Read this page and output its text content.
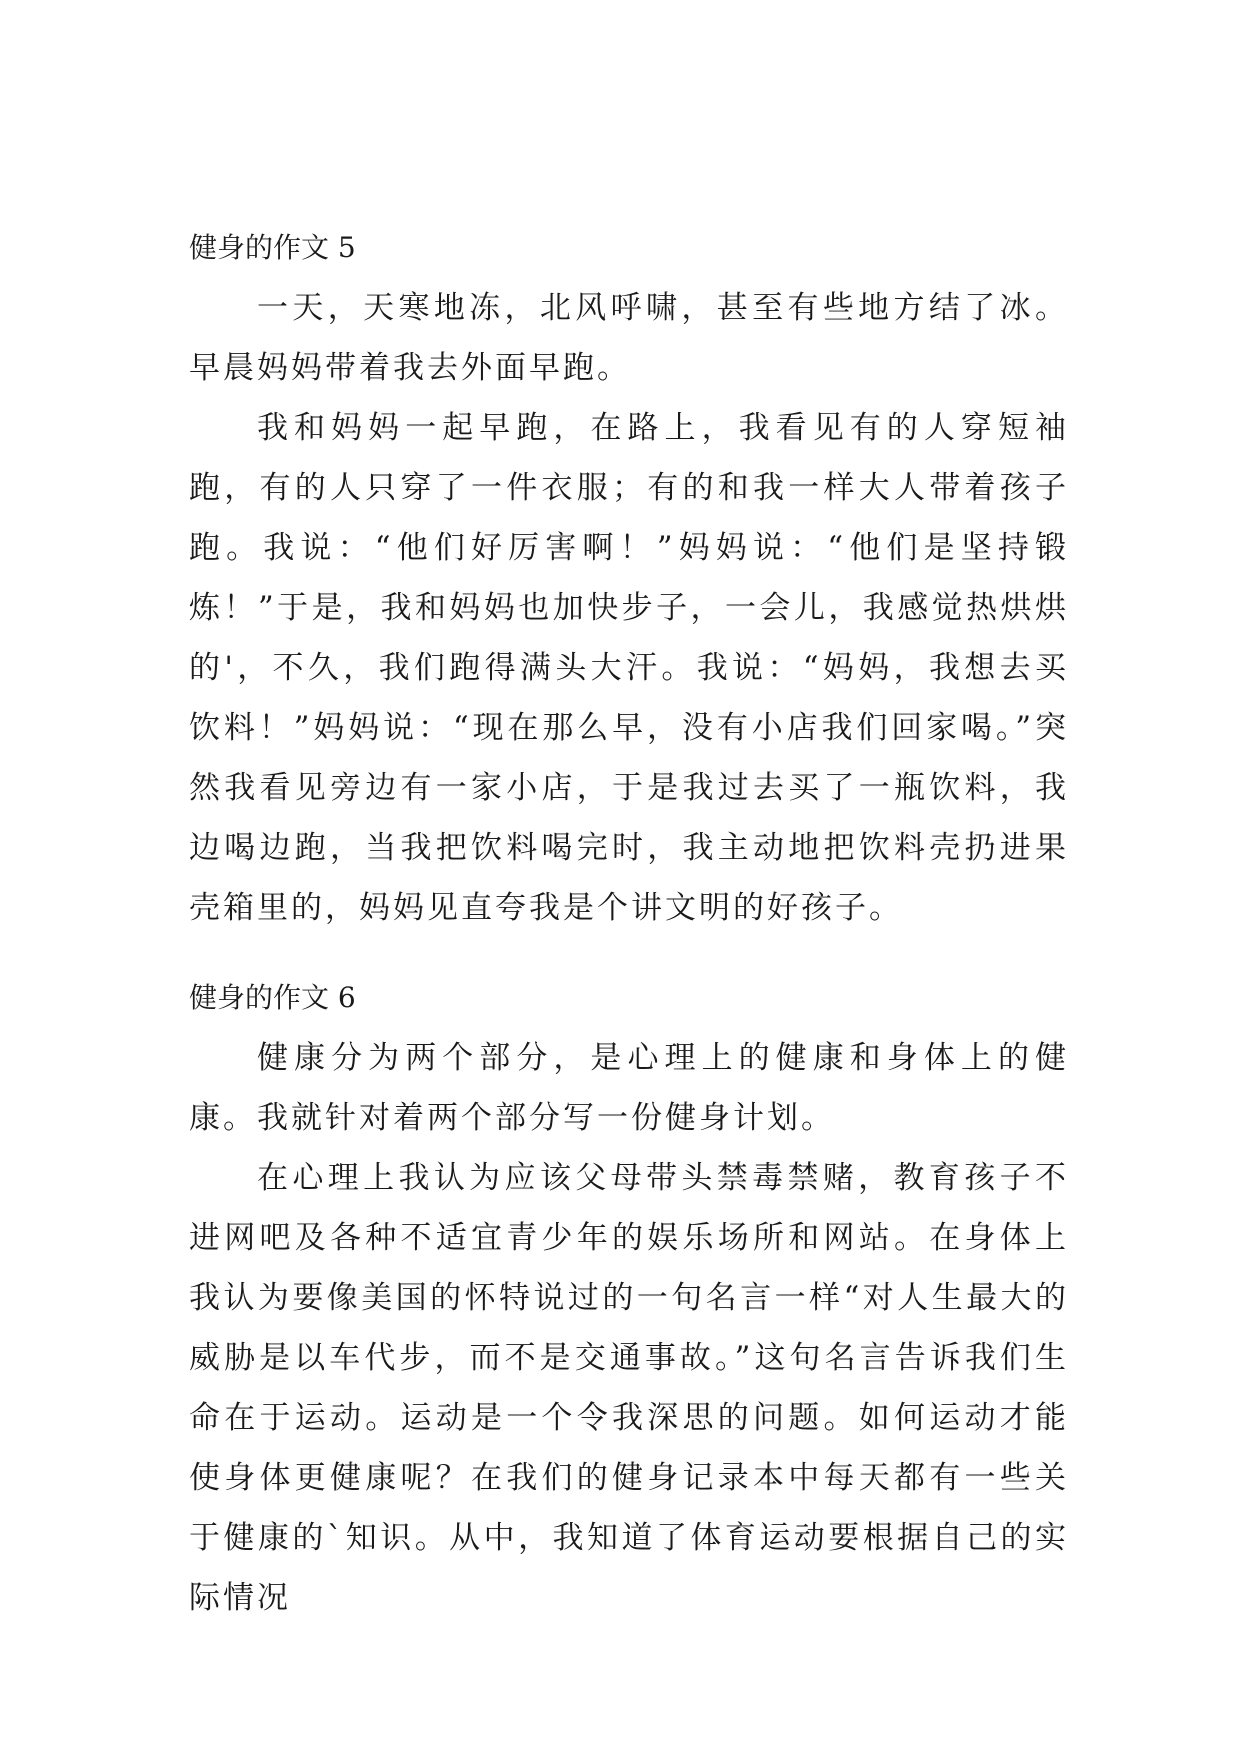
健身的作文 5

一天，天寒地冻，北风呼啸，甚至有些地方结了冰。早晨妈妈带着我去外面早跑。

我和妈妈一起早跑，在路上，我看见有的人穿短袖跑，有的人只穿了一件衣服；有的和我一样大人带着孩子跑。我说：“他们好厉害啊！”妈妈说：“他们是坚持锻炼！”于是，我和妈妈也加快步子，一会儿，我感觉热烘烘的'，不久，我们跑得满头大汗。我说：“妈妈，我想去买饮料！”妈妈说：“现在那么早，没有小店我们回家喝。”突然我看见旁边有一家小店，于是我过去买了一瓶饮料，我边喝边跑，当我把饮料喝完时，我主动地把饮料壳扔进果壳箱里的，妈妈见直夸我是个讲文明的好孩子。

健身的作文 6

健康分为两个部分，是心理上的健康和身体上的健康。我就针对着两个部分写一份健身计划。

在心理上我认为应该父母带头禁毒禁赌，教育孩子不进网吧及各种不适宜青少年的娱乐场所和网站。在身体上我认为要像美国的怀特说过的一句名言一样“对人生最大的威胁是以车代步，而不是交通事故。”这句名言告诉我们生命在于运动。运动是一个令我深思的问题。如何运动才能使身体更健康呢？在我们的健身记录本中每天都有一些关于健康的`知识。从中，我知道了体育运动要根据自己的实际情况
